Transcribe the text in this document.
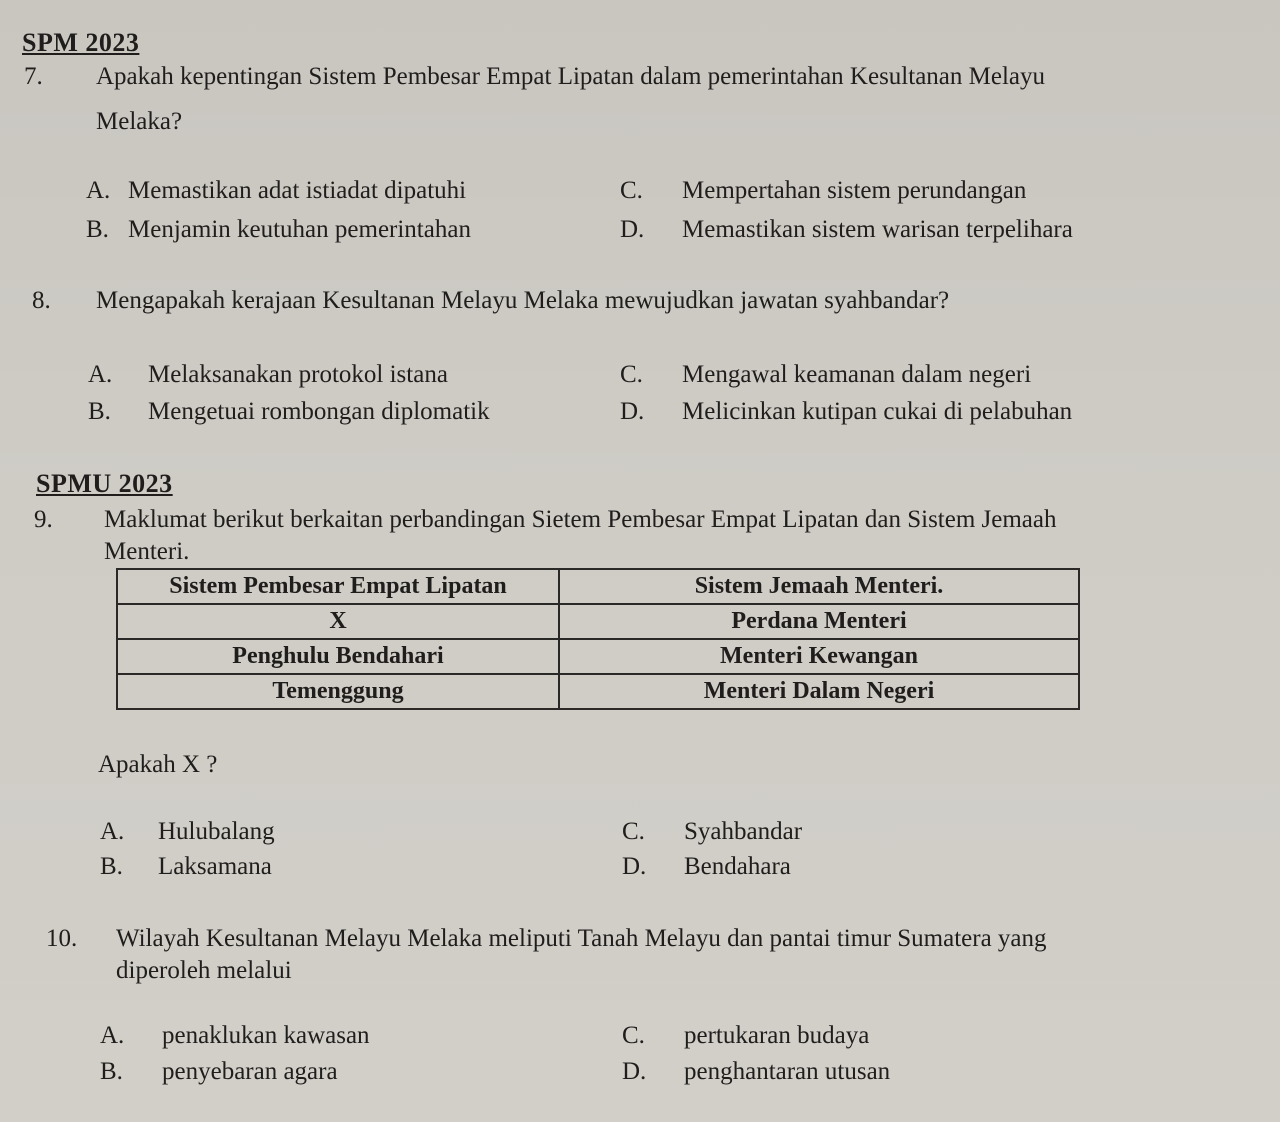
SPM 2023
7. Apakah kepentingan Sistem Pembesar Empat Lipatan dalam pemerintahan Kesultanan Melayu
Melaka?
A. Memastikan adat istiadat dipatuhi
B. Menjamin keutuhan pemerintahan
C. Mempertahan sistem perundangan
D. Memastikan sistem warisan terpelihara
8. Mengapakah kerajaan Kesultanan Melayu Melaka mewujudkan jawatan syahbandar?
A. Melaksanakan protokol istana
B. Mengetuai rombongan diplomatik
C. Mengawal keamanan dalam negeri
D. Melicinkan kutipan cukai di pelabuhan
SPMU 2023
9. Maklumat berikut berkaitan perbandingan Sietem Pembesar Empat Lipatan dan Sistem Jemaah
Menteri.
Sistem Pembesar Empat Lipatan	Sistem Jemaah Menteri.
X	Perdana Menteri
Penghulu Bendahari	Menteri Kewangan
Temenggung	Menteri Dalam Negeri
Apakah X ?
A. Hulubalang
B. Laksamana
C. Syahbandar
D. Bendahara
10. Wilayah Kesultanan Melayu Melaka meliputi Tanah Melayu dan pantai timur Sumatera yang
diperoleh melalui
A. penaklukan kawasan
B. penyebaran agara
C. pertukaran budaya
D. penghantaran utusan
